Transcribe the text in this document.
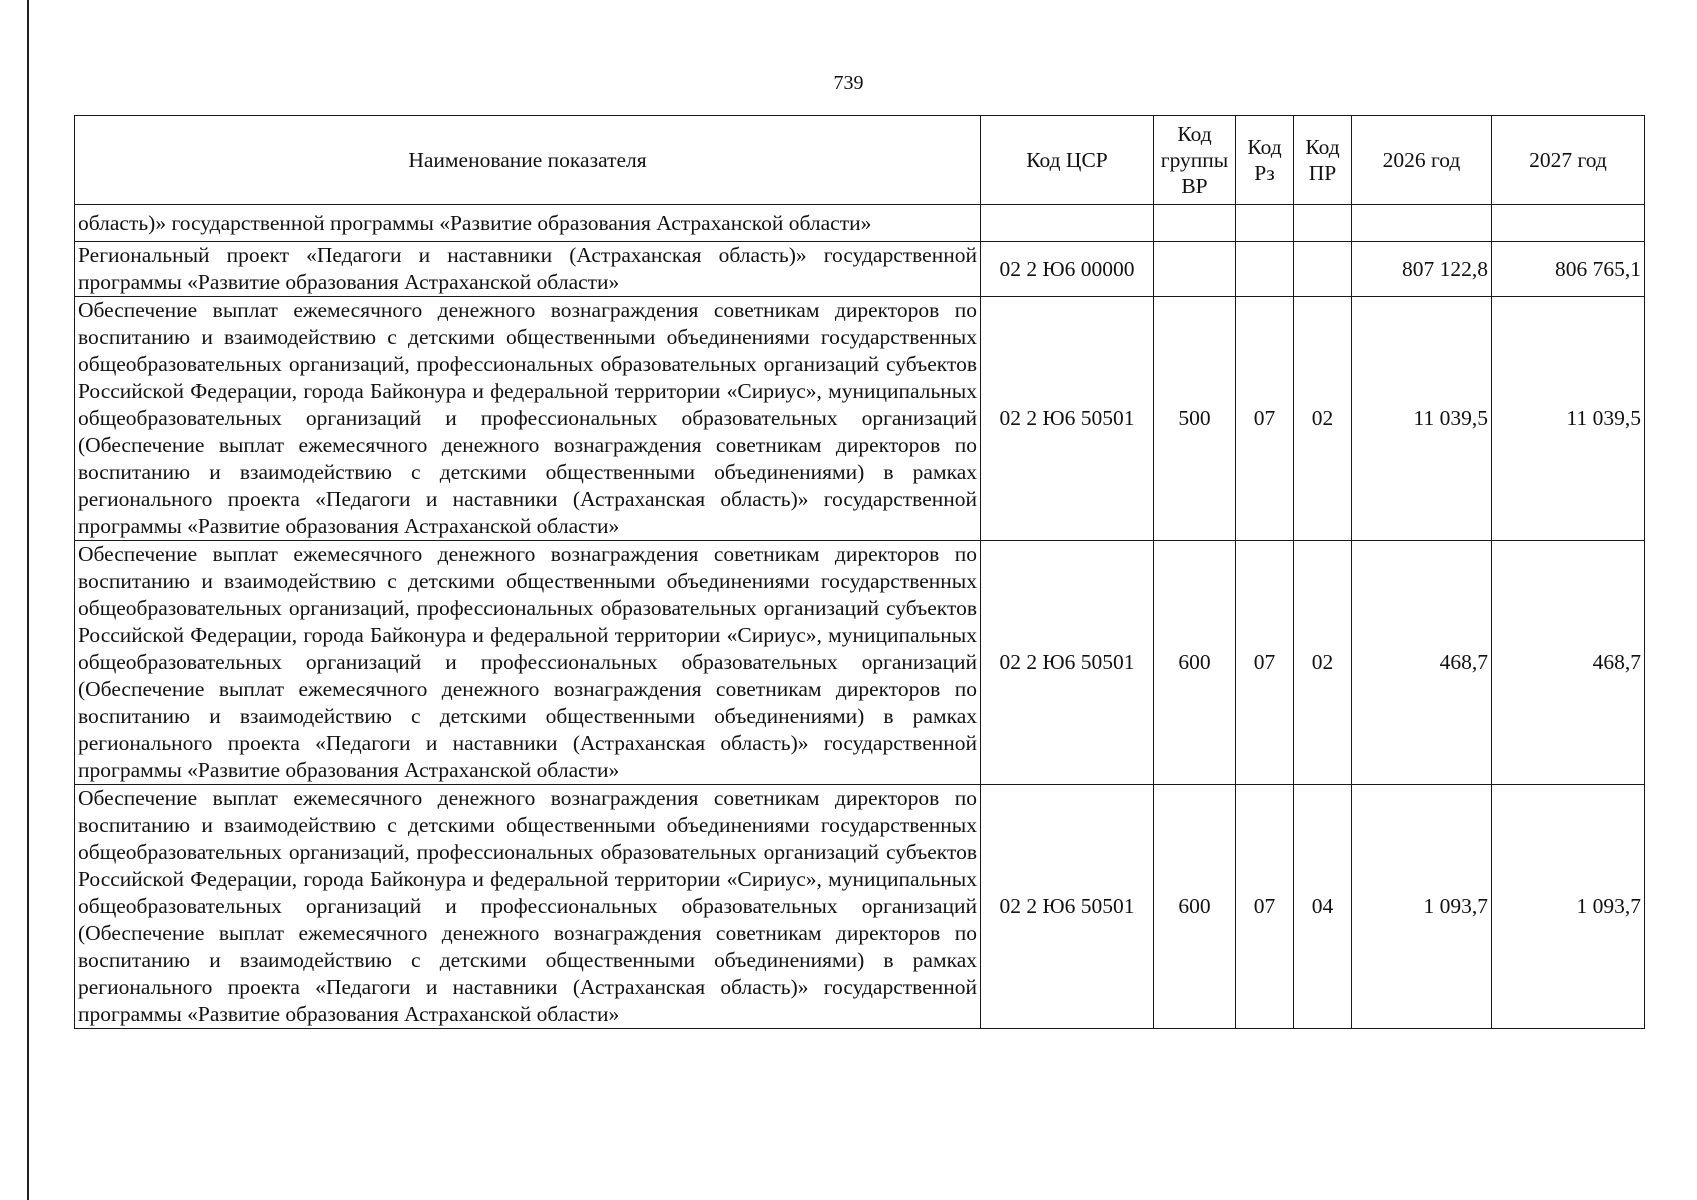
739
Наименование показателя	Код ЦСР	Код группы ВР	Код Рз	Код ПР	2026 год	2027 год
область)» государственной программы «Развитие образования Астраханской области»						
Региональный проект «Педагоги и наставники (Астраханская область)» государственной программы «Развитие образования Астраханской области»	02 2 Ю6 00000				807 122,8	806 765,1
Обеспечение выплат ежемесячного денежного вознаграждения советникам директоров по воспитанию и взаимодействию с детскими общественными объединениями государственных общеобразовательных организаций, профессиональных образовательных организаций субъектов Российской Федерации, города Байконура и федеральной территории «Сириус», муниципальных общеобразовательных организаций и профессиональных образовательных организаций (Обеспечение выплат ежемесячного денежного вознаграждения советникам директоров по воспитанию и взаимодействию с детскими общественными объединениями) в рамках регионального проекта «Педагоги и наставники (Астраханская область)» государственной программы «Развитие образования Астраханской области»	02 2 Ю6 50501	500	07	02	11 039,5	11 039,5
Обеспечение выплат ежемесячного денежного вознаграждения советникам директоров по воспитанию и взаимодействию с детскими общественными объединениями государственных общеобразовательных организаций, профессиональных образовательных организаций субъектов Российской Федерации, города Байконура и федеральной территории «Сириус», муниципальных общеобразовательных организаций и профессиональных образовательных организаций (Обеспечение выплат ежемесячного денежного вознаграждения советникам директоров по воспитанию и взаимодействию с детскими общественными объединениями) в рамках регионального проекта «Педагоги и наставники (Астраханская область)» государственной программы «Развитие образования Астраханской области»	02 2 Ю6 50501	600	07	02	468,7	468,7
Обеспечение выплат ежемесячного денежного вознаграждения советникам директоров по воспитанию и взаимодействию с детскими общественными объединениями государственных общеобразовательных организаций, профессиональных образовательных организаций субъектов Российской Федерации, города Байконура и федеральной территории «Сириус», муниципальных общеобразовательных организаций и профессиональных образовательных организаций (Обеспечение выплат ежемесячного денежного вознаграждения советникам директоров по воспитанию и взаимодействию с детскими общественными объединениями) в рамках регионального проекта «Педагоги и наставники (Астраханская область)» государственной программы «Развитие образования Астраханской области»	02 2 Ю6 50501	600	07	04	1 093,7	1 093,7
